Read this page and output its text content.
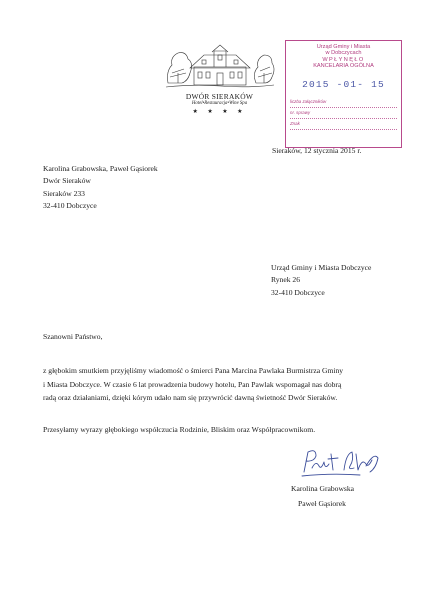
DWÓR SIERAKÓW
Hotel•Restauracja•Wine Spa
★ ★ ★ ★
Urząd Gminy i Miasta
w Dobczycach
WPŁYNĘŁO
KANCELARIA OGÓLNA
2015 -01- 15
liczba załączników
nr. sprawy
Znak
Sieraków, 12 stycznia 2015 r.
Karolina Grabowska, Paweł Gąsiorek
Dwór Sieraków
Sieraków 233
32-410 Dobczyce
Urząd Gminy i Miasta Dobczyce
Rynek 26
32-410 Dobczyce
Szanowni Państwo,
z głębokim smutkiem przyjęliśmy wiadomość o śmierci Pana Marcina Pawlaka Burmistrza Gminy
i Miasta Dobczyce. W czasie 6 lat prowadzenia budowy hotelu, Pan Pawlak wspomagał nas dobrą
radą oraz działaniami, dzięki kórym udało nam się przywrócić dawną świetność Dwór Sieraków.
Przesyłamy wyrazy głębokiego współczucia Rodzinie, Bliskim oraz Współpracownikom.
Karolina Grabowska
Paweł Gąsiorek
